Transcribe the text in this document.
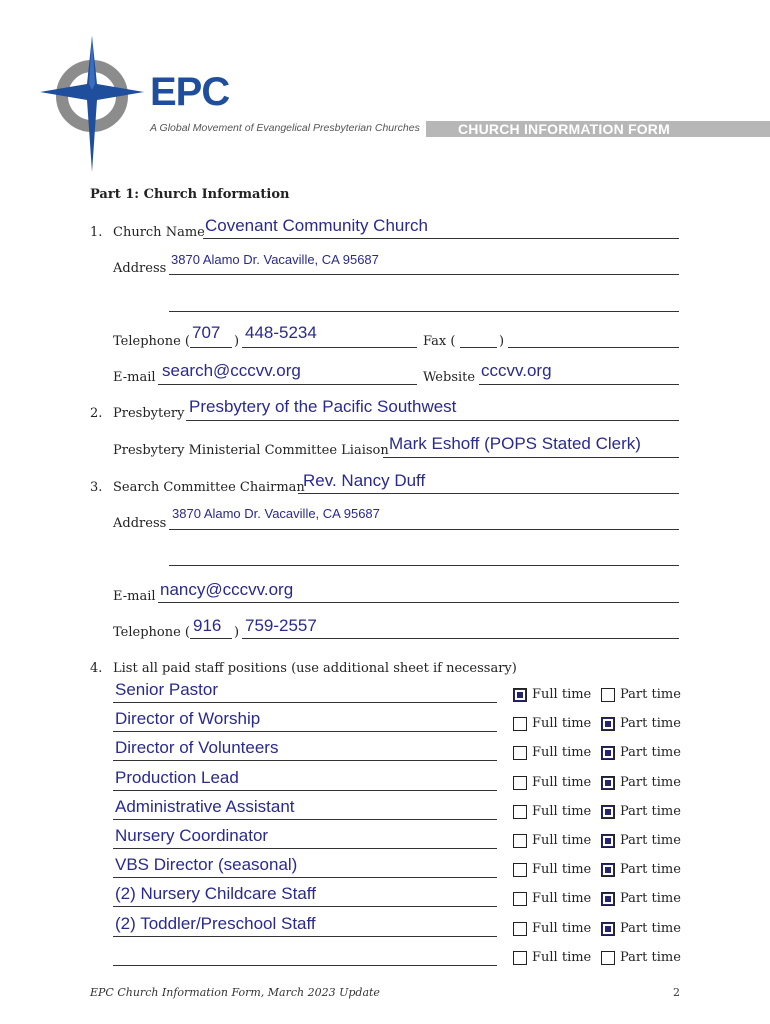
EPC
A Global Movement of Evangelical Presbyterian Churches	CHURCH INFORMATION FORM
Part 1: Church Information
1. Church Name Covenant Community Church
Address
3870 Alamo Dr. Vacaville, CA 95687
Telephone ( 707 ) 448-5234	Fax (	)
E-mail search@cccvv.org	Website cccvv.org
2. Presbytery Presbytery of the Pacific Southwest
Presbytery Ministerial Committee Liaison Mark Eshoff (POPS Stated Clerk)
3. Search Committee Chairman
Rev. Nancy Duff
Address
3870 Alamo Dr. Vacaville, CA 95687
E-mail nancy@cccvv.org
Telephone ( 916 ) 759-2557
4. List all paid staff positions (use additional sheet if necessary)
Senior Pastor	Full time Part time
Director of Worship	Full time Part time
Director of Volunteers	Full time Part time
Production Lead	Full time Part time
Administrative Assistant	Full time Part time
Nursery Coordinator	Full time Part time
VBS Director (seasonal)	Full time Part time
(2) Nursery Childcare Staff	Full time Part time
(2) Toddler/Preschool Staff	Full time Part time
Full time Part time
EPC Church Information Form, March 2023 Update	2
